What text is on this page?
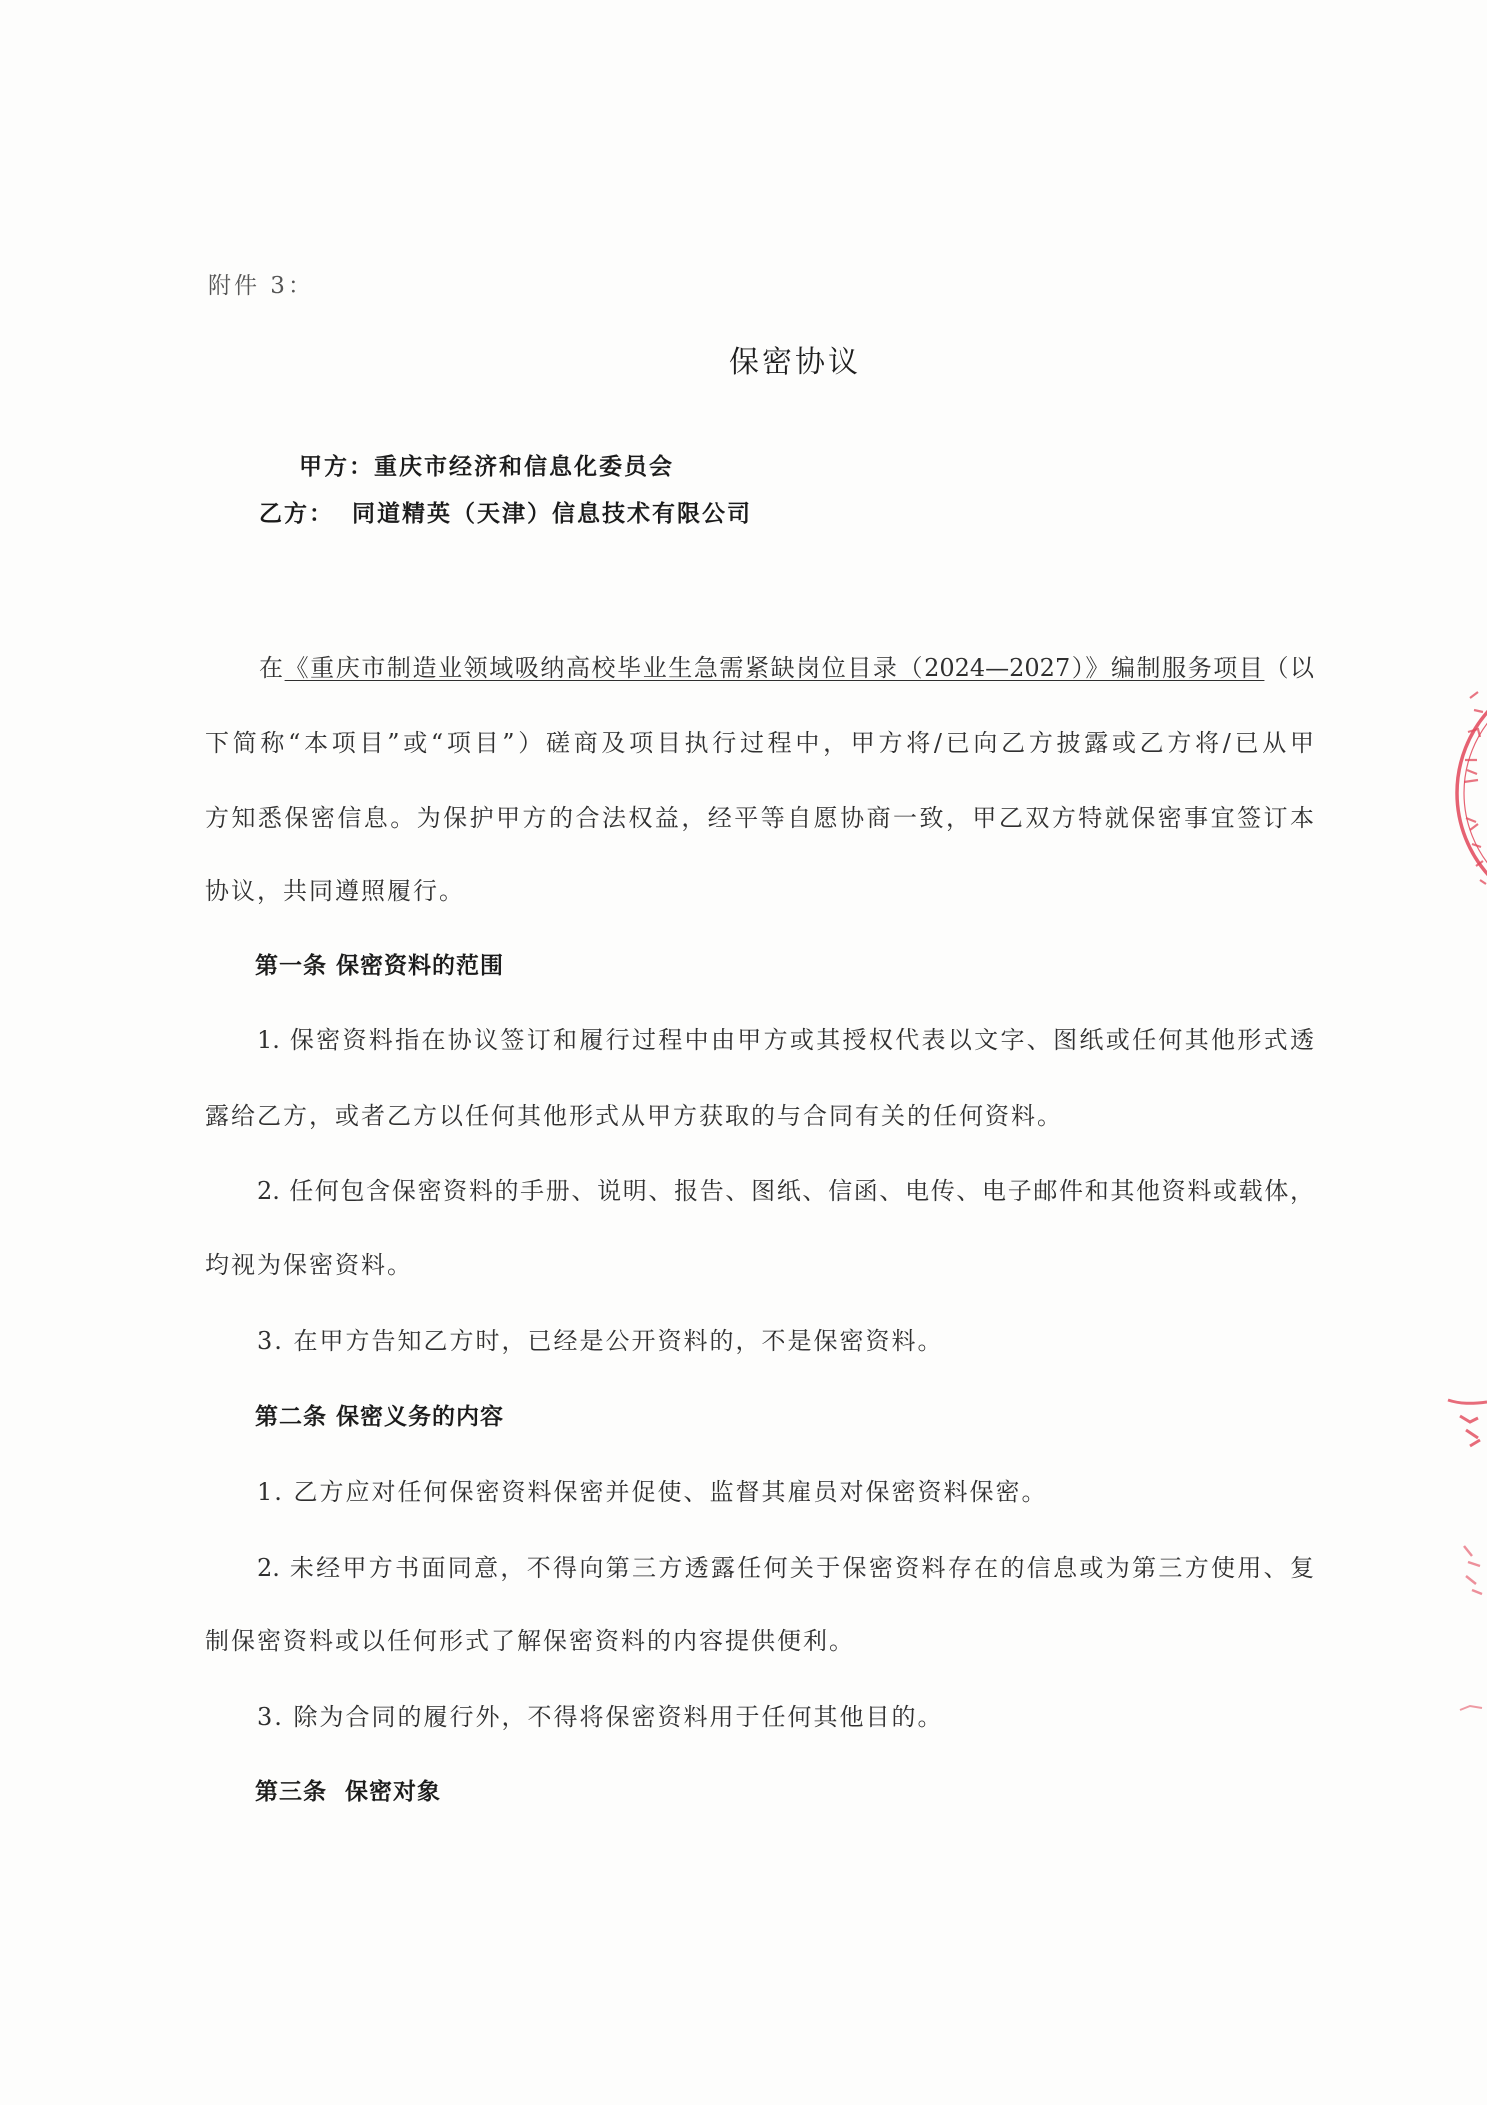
附件 3：
保密协议

甲方：重庆市经济和信息化委员会

乙方： 同道精英（天津）信息技术有限公司
在《重庆市制造业领域吸纳高校毕业生急需紧缺岗位目录（2024—2027）》编制服务项目（以
下简称“本项目”或“项目”）磋商及项目执行过程中，甲方将/已向乙方披露或乙方将/已从甲
方知悉保密信息。为保护甲方的合法权益，经平等自愿协商一致，甲乙双方特就保密事宜签订本
协议，共同遵照履行。
第一条 保密资料的范围
1. 保密资料指在协议签订和履行过程中由甲方或其授权代表以文字、图纸或任何其他形式透
露给乙方，或者乙方以任何其他形式从甲方获取的与合同有关的任何资料。
2. 任何包含保密资料的手册、说明、报告、图纸、信函、电传、电子邮件和其他资料或载体，
均视为保密资料。
3. 在甲方告知乙方时，已经是公开资料的，不是保密资料。
第二条 保密义务的内容
1. 乙方应对任何保密资料保密并促使、监督其雇员对保密资料保密。
2. 未经甲方书面同意，不得向第三方透露任何关于保密资料存在的信息或为第三方使用、复
制保密资料或以任何形式了解保密资料的内容提供便利。
3. 除为合同的履行外，不得将保密资料用于任何其他目的。
第三条  保密对象
